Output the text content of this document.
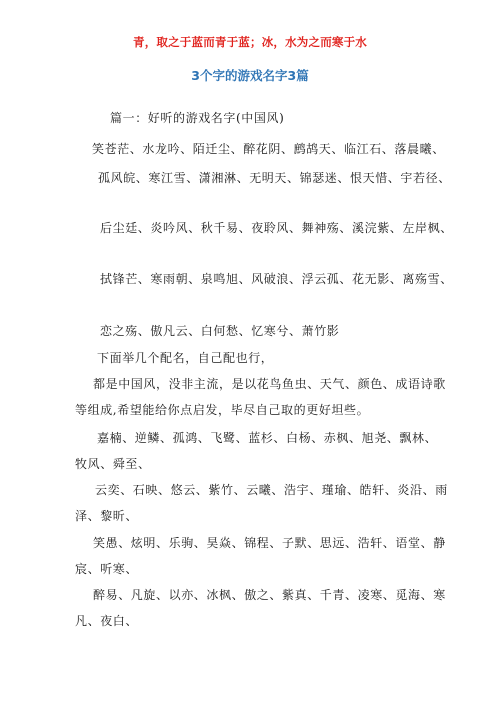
青，取之于蓝而青于蓝；冰，水为之而寒于水
3个字的游戏名字3篇
篇一：好听的游戏名字(中国风)
笑苍茫、水龙吟、陌迁尘、醉花阴、鹧鸪天、临江石、落晨曦、
孤风皖、寒江雪、潇湘淋、无明天、锦瑟迷、恨天惜、宇若径、
后尘廷、炎吟风、秋千易、夜聆风、舞神殇、溪浣紫、左岸枫、
拭锋芒、寒雨朝、泉鸣旭、风破浪、浮云孤、花无影、离殇雪、
恋之殇、傲凡云、白何愁、忆寒兮、萧竹影
下面举几个配名，自己配也行，
都是中国风，没非主流，是以花鸟鱼虫、天气、颜色、成语诗歌
等组成,希望能给你点启发，毕尽自己取的更好坦些。
嘉楠、逆鳞、孤鸿、飞鹭、蓝杉、白杨、赤枫、旭尧、飘林、
牧风、舜至、
云奕、石映、悠云、紫竹、云曦、浩宇、瑾瑜、皓轩、炎沿、雨
泽、黎昕、
笑愚、炫明、乐驹、昊焱、锦程、子默、思远、浩轩、语堂、静
宸、听寒、
醉易、凡旋、以亦、冰枫、傲之、紫真、千青、凌寒、觅海、寒
凡、夜白、
